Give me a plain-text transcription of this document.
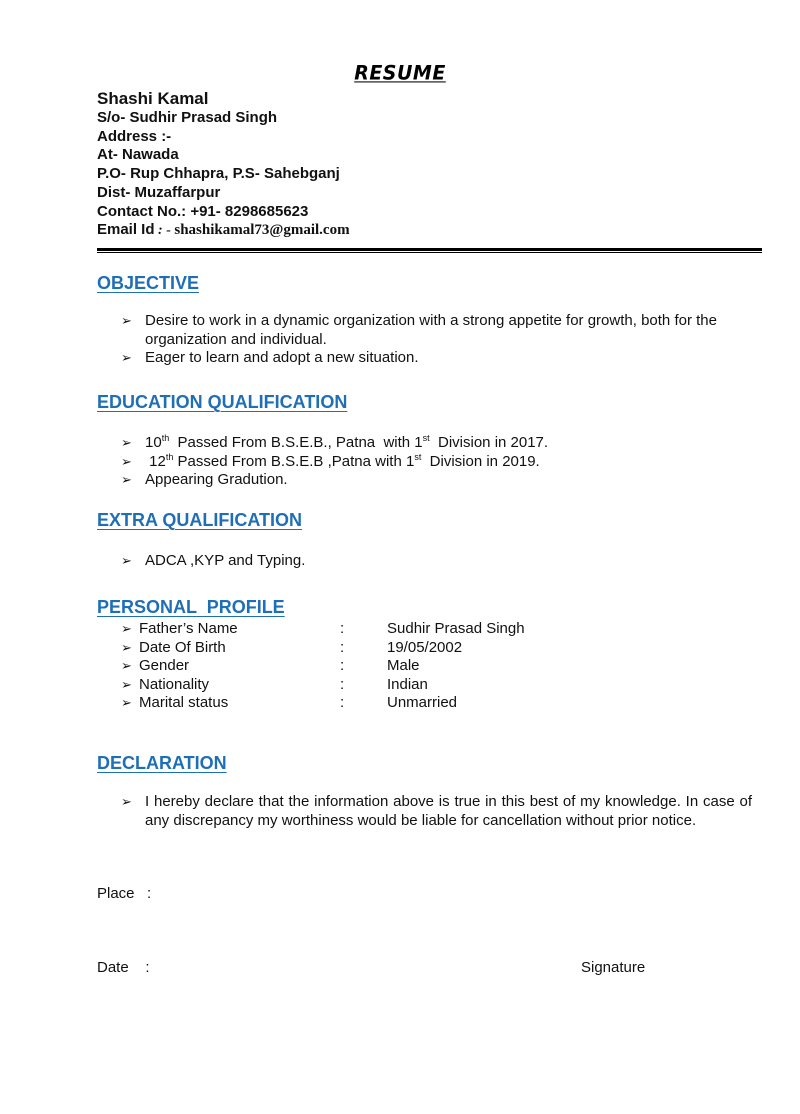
RESUME

Shashi Kamal

S/o- Sudhir Prasad Singh

Address :-

At- Nawada

P.O- Rup Chhapra, P.S- Sahebganj

Dist- Muzaffarpur

Contact No.: +91- 8298685623

Email Id : - shashikamal73@gmail.com

OBJECTIVE

➢ Desire to work in a dynamic organization with a strong appetite for growth, both for the organization and individual.
➢ Eager to learn and adopt a new situation.

EDUCATION QUALIFICATION

➢ 10th  Passed From B.S.E.B., Patna  with 1st  Division in 2017.
➢ 12th Passed From B.S.E.B ,Patna with 1st  Division in 2019.
➢ Appearing Gradution.

EXTRA QUALIFICATION

➢ ADCA ,KYP and Typing.

PERSONAL  PROFILE

➢ Father’s Name	:	Sudhir Prasad Singh
➢ Date Of Birth	:	19/05/2002
➢ Gender	:	Male
➢ Nationality	:	Indian
➢ Marital status	:	Unmarried

DECLARATION

➢ I hereby declare that the information above is true in this best of my knowledge. In case of any discrepancy my worthiness would be liable for cancellation without prior notice.
Place   :
Date    :	Signature
